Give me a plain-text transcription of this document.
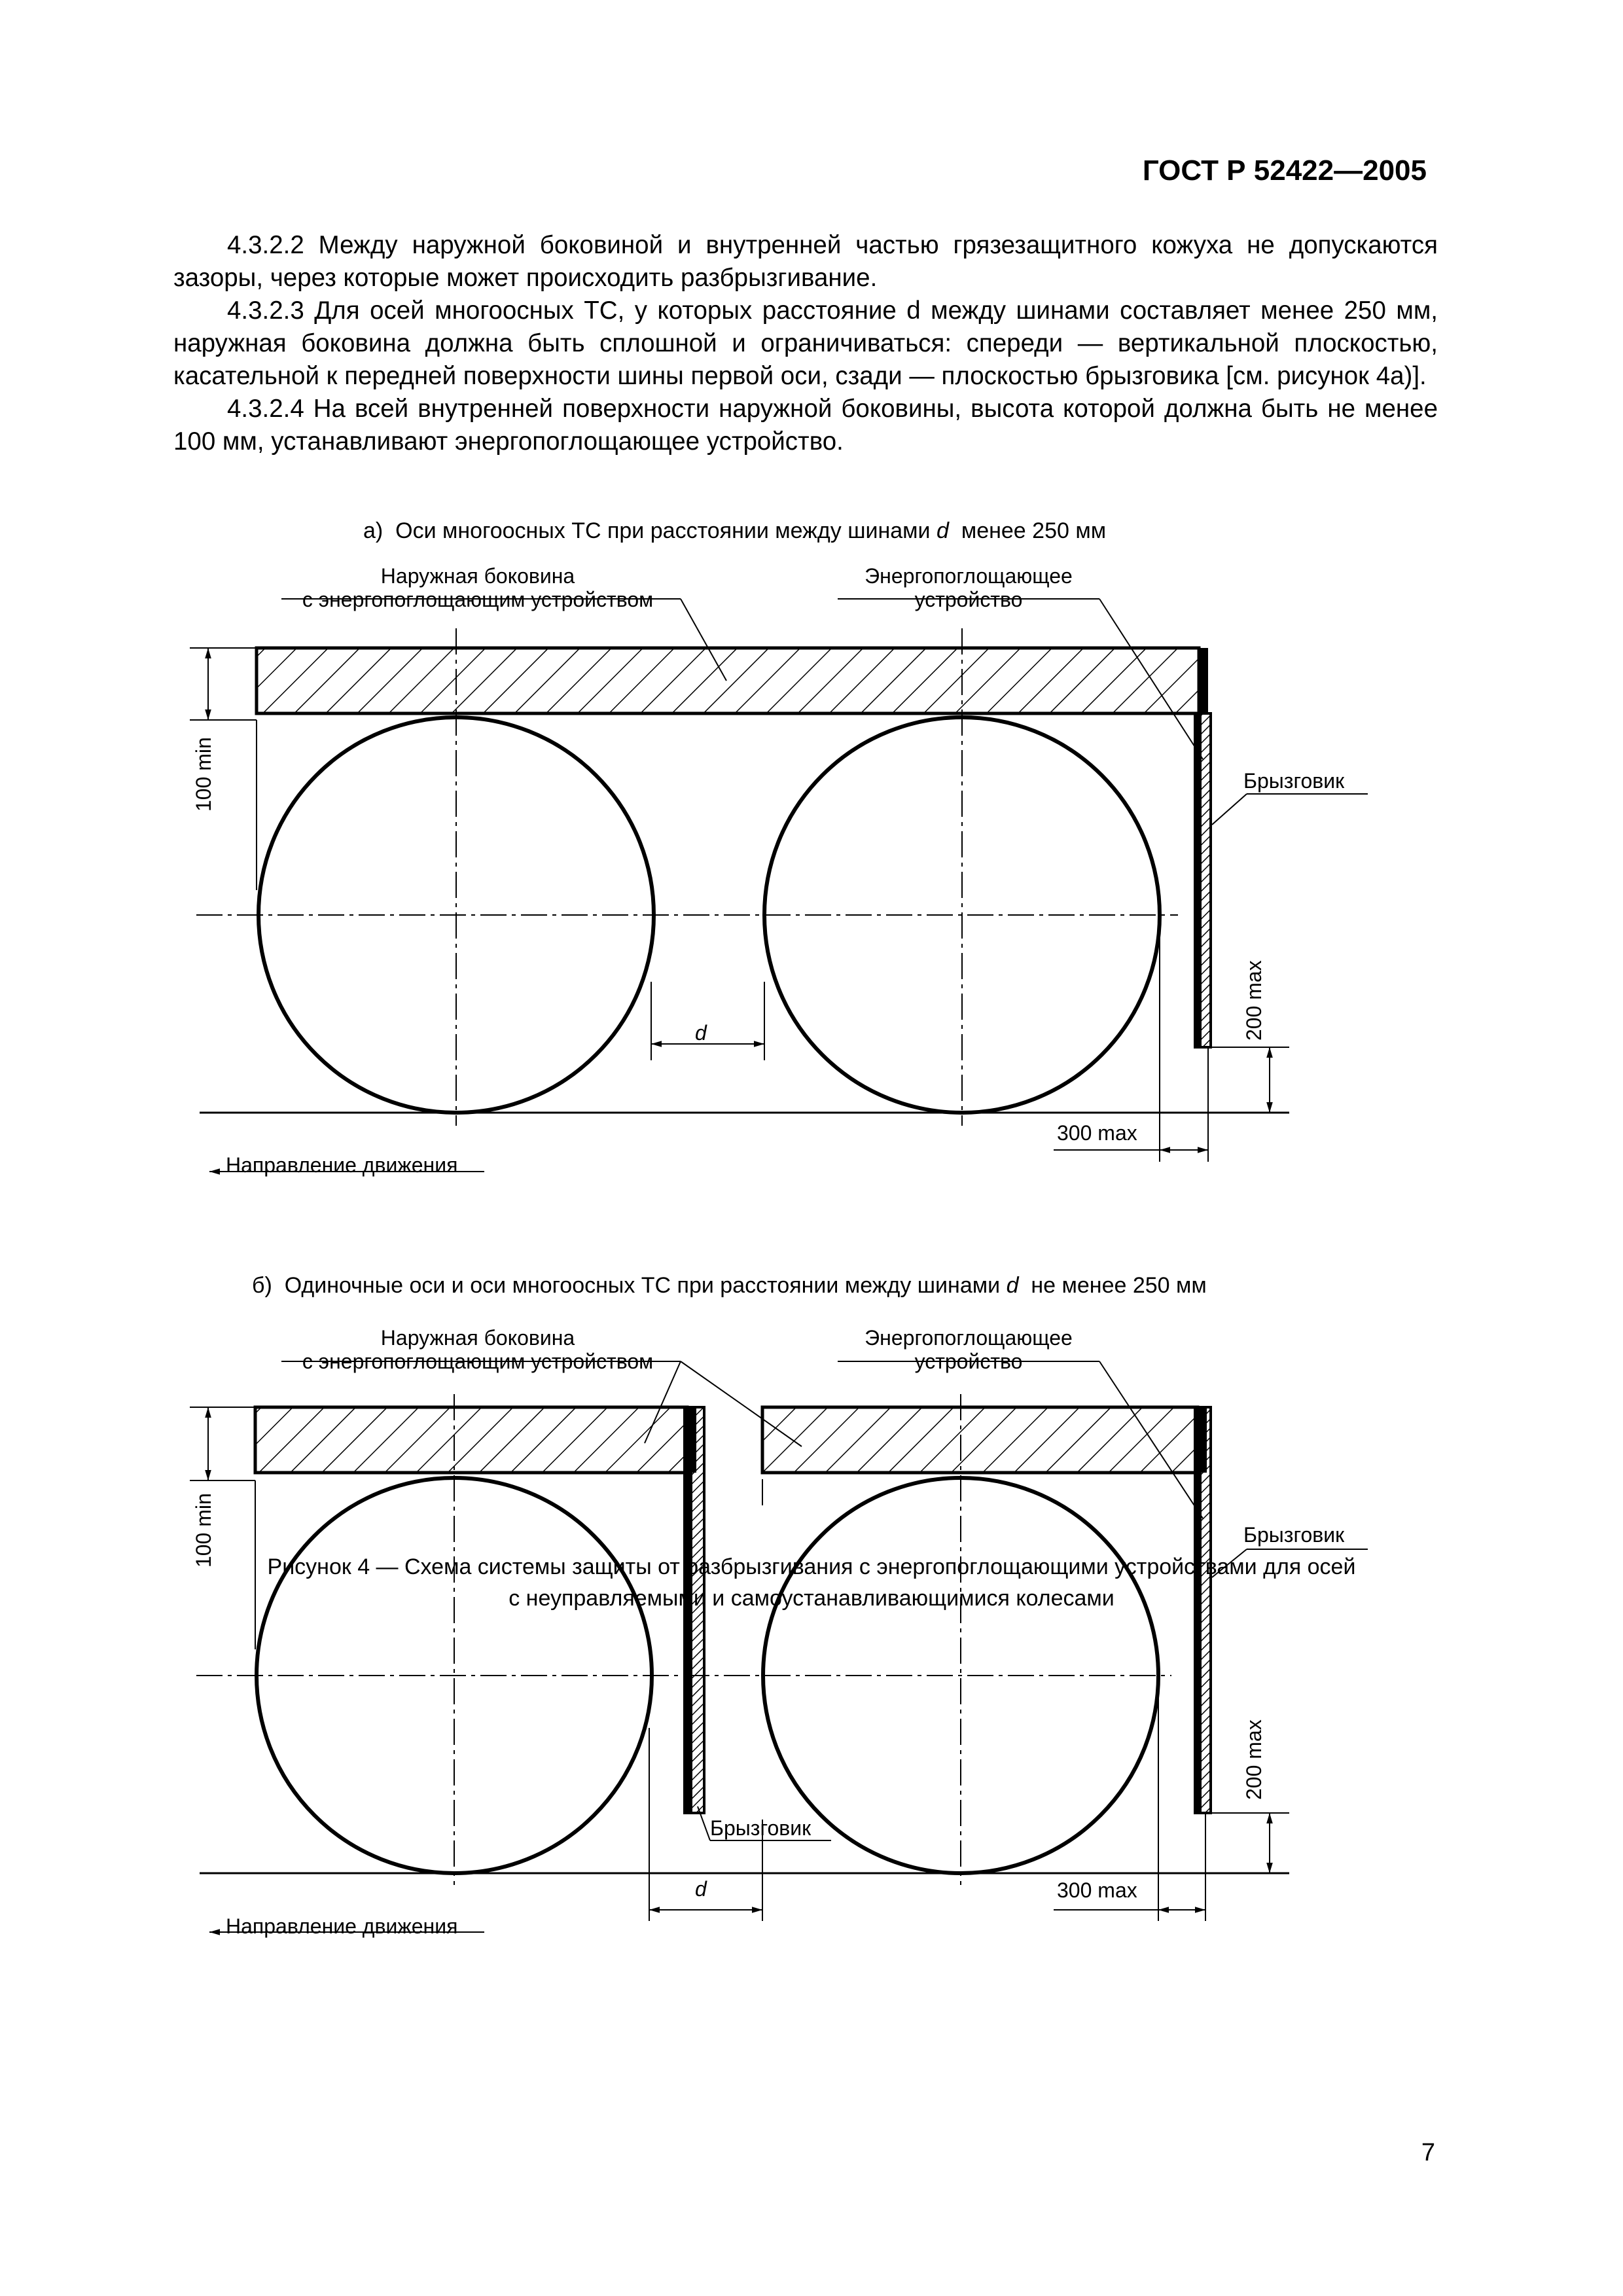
ГОСТ Р 52422—2005

4.3.2.2 Между наружной боковиной и внутренней частью грязезащитного кожуха не допускаются зазоры, через которые может происходить разбрызгивание.

4.3.2.3 Для осей многоосных ТС, у которых расстояние d между шинами составляет менее 250 мм, наружная боковина должна быть сплошной и ограничиваться: спереди — вертикальной плоскостью, касательной к передней поверхности шины первой оси, сзади — плоскостью брызговика [см. рисунок 4а)].

4.3.2.4 На всей внутренней поверхности наружной боковины, высота которой должна быть не менее 100 мм, устанавливают энергопоглощающее устройство.

а) Оси многоосных ТС при расстоянии между шинами d менее 250 мм
Наружная боковина
с энергопоглощающим устройством
Энергопоглощающее
устройство
Брызговик
Направление движения
d
300 max
100 min
200 max
б) Одиночные оси и оси многоосных ТС при расстоянии между шинами d не менее 250 мм
Наружная боковина
с энергопоглощающим устройством
Энергопоглощающее
устройство
Брызговик
Брызговик
Направление движения
d	300 max
100 min
200 max
Рисунок 4 — Схема системы защиты от разбрызгивания с энергопоглощающими устройствами для осей
с неуправляемыми и самоустанавливающимися колесами
7
